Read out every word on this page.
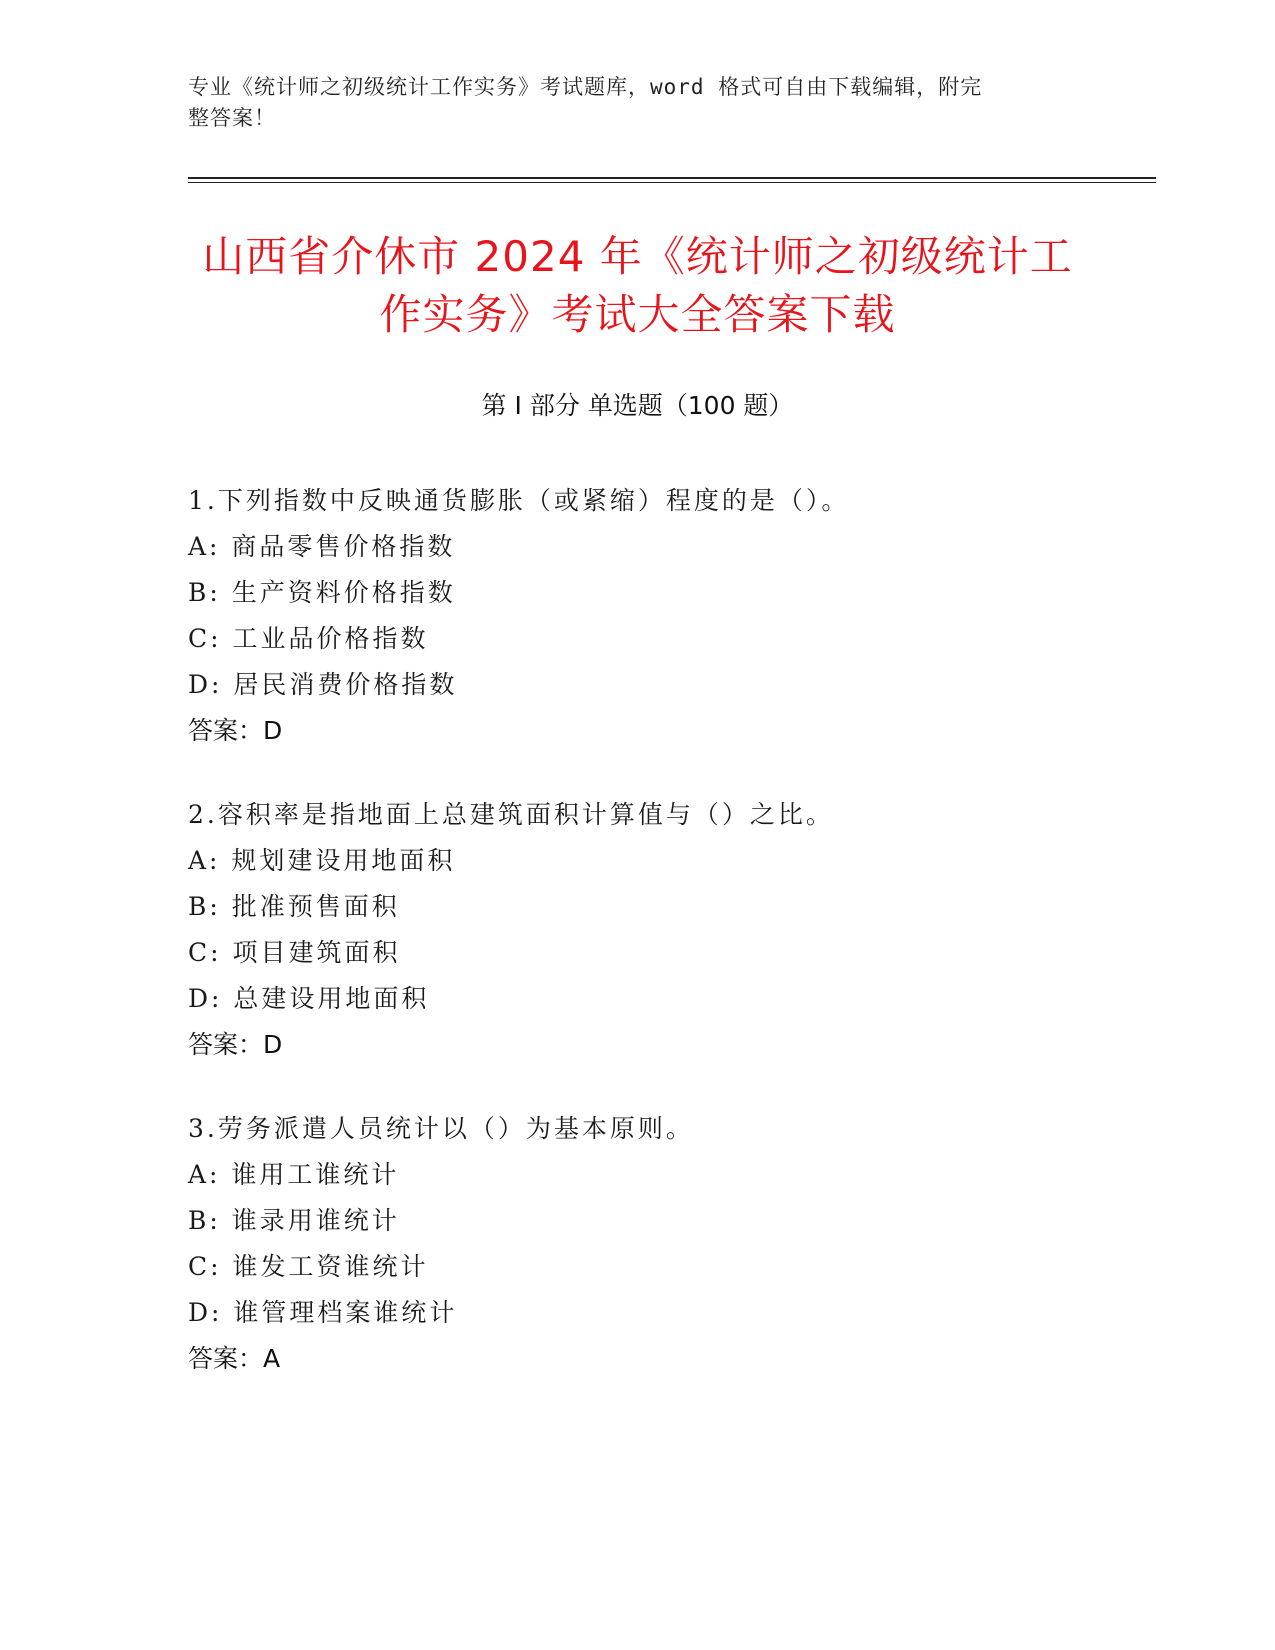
专业《统计师之初级统计工作实务》考试题库，word 格式可自由下载编辑，附完
整答案！
山西省介休市 2024 年《统计师之初级统计工
作实务》考试大全答案下载
第 I 部分 单选题（100 题）
1.下列指数中反映通货膨胀（或紧缩）程度的是（）。
A: 商品零售价格指数
B: 生产资料价格指数
C: 工业品价格指数
D: 居民消费价格指数
答案：D
2.容积率是指地面上总建筑面积计算值与（）之比。
A: 规划建设用地面积
B: 批准预售面积
C: 项目建筑面积
D: 总建设用地面积
答案：D
3.劳务派遣人员统计以（）为基本原则。
A: 谁用工谁统计
B: 谁录用谁统计
C: 谁发工资谁统计
D: 谁管理档案谁统计
答案：A
